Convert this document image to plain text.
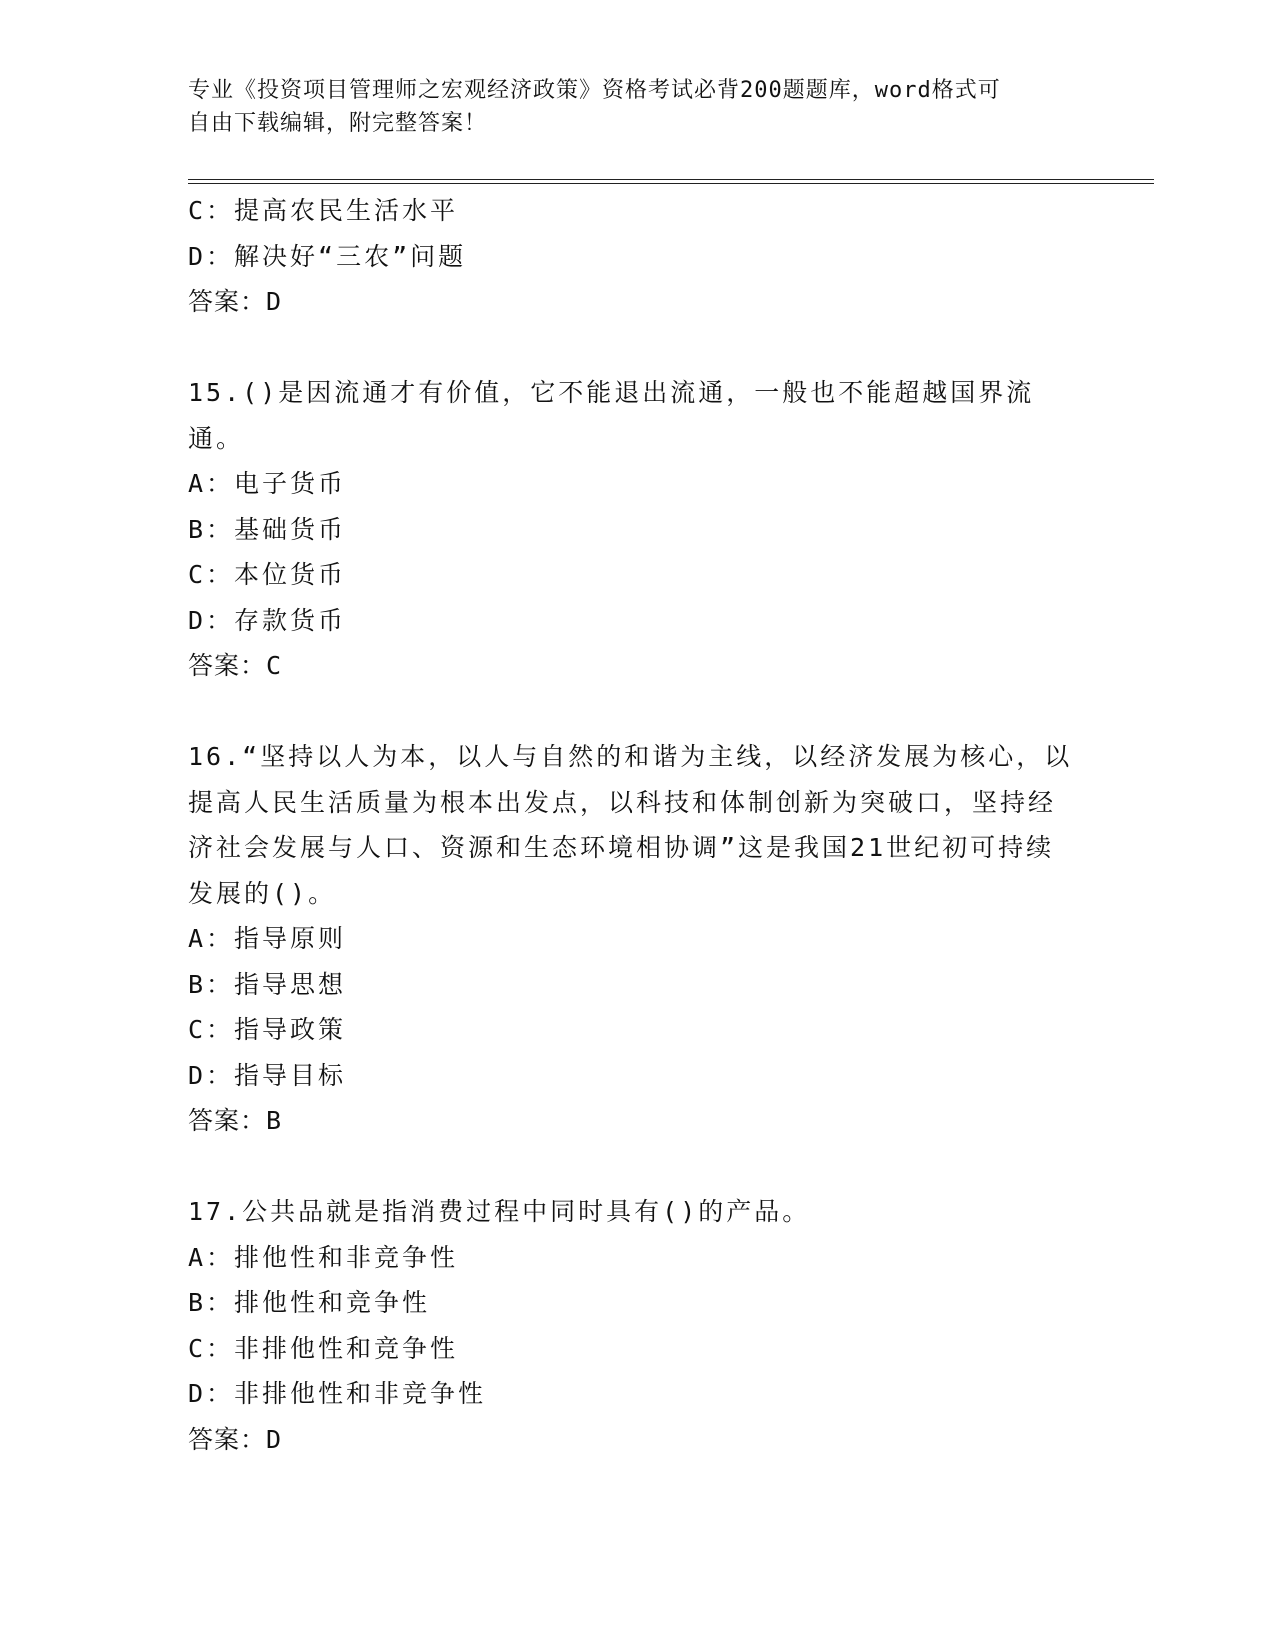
专业《投资项目管理师之宏观经济政策》资格考试必背200题题库，word格式可
自由下载编辑，附完整答案！
C：提高农民生活水平
D：解决好“三农”问题
答案：D
15.()是因流通才有价值，它不能退出流通，一般也不能超越国界流通。
A：电子货币
B：基础货币
C：本位货币
D：存款货币
答案：C
16.“坚持以人为本，以人与自然的和谐为主线，以经济发展为核心，以提高人民生活质量为根本出发点，以科技和体制创新为突破口，坚持经济社会发展与人口、资源和生态环境相协调”这是我国21世纪初可持续发展的()。
A：指导原则
B：指导思想
C：指导政策
D：指导目标
答案：B
17.公共品就是指消费过程中同时具有()的产品。
A：排他性和非竞争性
B：排他性和竞争性
C：非排他性和竞争性
D：非排他性和非竞争性
答案：D
